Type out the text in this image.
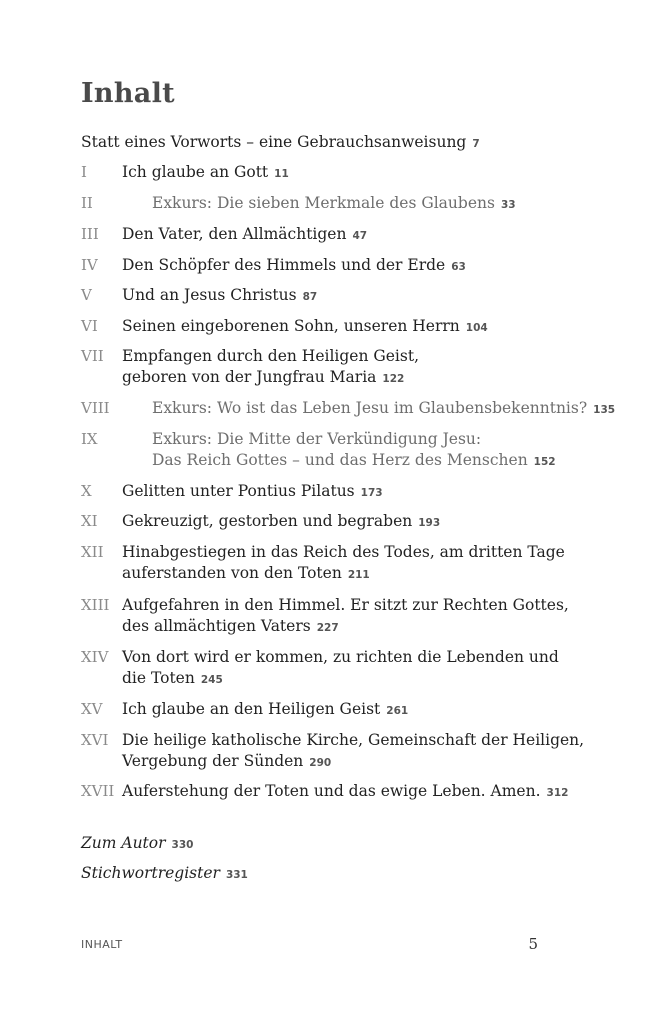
Inhalt
Statt eines Vorworts – eine Gebrauchsanweisung 7
I Ich glaube an Gott 11
II	Exkurs: Die sieben Merkmale des Glaubens 33
III Den Vater, den Allmächtigen 47
IV Den Schöpfer des Himmels und der Erde 63
V Und an Jesus Christus 87
VI Seinen eingeborenen Sohn, unseren Herrn 104
VII Empfangen durch den Heiligen Geist,
geboren von der Jungfrau Maria 122
VIII	Exkurs: Wo ist das Leben Jesu im Glaubensbekenntnis? 135
IX	Exkurs: Die Mitte der Verkündigung Jesu:
Das Reich Gottes – und das Herz des Menschen 152
X Gelitten unter Pontius Pilatus 173
XI Gekreuzigt, gestorben und begraben 193
XII Hinabgestiegen in das Reich des Todes, am dritten Tage
auferstanden von den Toten 211
XIII Aufgefahren in den Himmel. Er sitzt zur Rechten Gottes,
des allmächtigen Vaters 227
XIV Von dort wird er kommen, zu richten die Lebenden und
die Toten 245
XV Ich glaube an den Heiligen Geist 261
XVI Die heilige katholische Kirche, Gemeinschaft der Heiligen,
Vergebung der Sünden 290
XVII Auferstehung der Toten und das ewige Leben. Amen. 312
Zum Autor 330
Stichwortregister 331
INHALT	5
